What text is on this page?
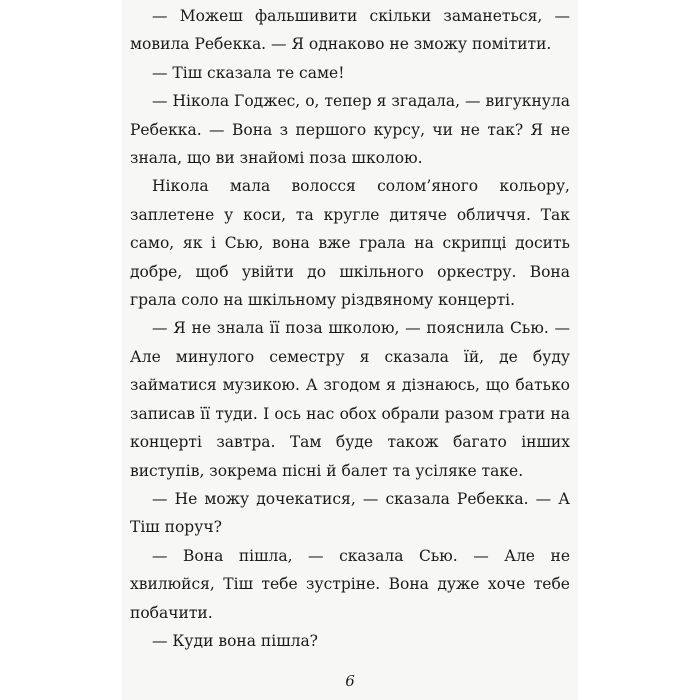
— Можеш фальшивити скільки заманеться, — мовила Ребекка. — Я однаково не зможу помітити.

— Тіш сказала те саме!

— Нікола Годжес, о, тепер я згадала, — вигукнула Ребекка. — Вона з першого курсу, чи не так? Я не знала, що ви знайомі поза школою.

Нікола мала волосся солом’яного кольору, заплетене у коси, та кругле дитяче обличчя. Так само, як і Сью, вона вже грала на скрипці досить добре, щоб увійти до шкільного оркестру. Вона грала соло на шкільному різдвяному концерті.

— Я не знала її поза школою, — пояснила Сью. — Але минулого семестру я сказала їй, де буду займатися музикою. А згодом я дізнаюсь, що батько записав її туди. І ось нас обох обрали разом грати на концерті завтра. Там буде також багато інших виступів, зокрема пісні й балет та усіляке таке.

— Не можу дочекатися, — сказала Ребекка. — А Тіш поруч?

— Вона пішла, — сказала Сью. — Але не хвилюйся, Тіш тебе зустріне. Вона дуже хоче тебе побачити.

— Куди вона пішла?

6
